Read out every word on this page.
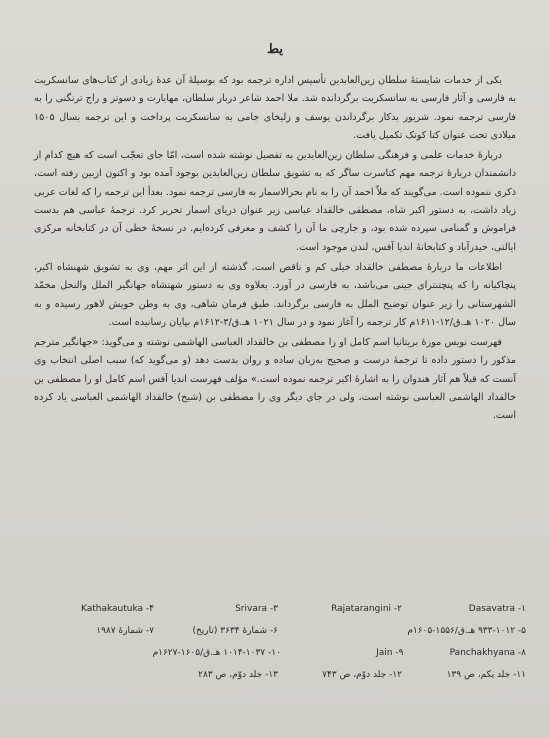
یط

یکی از خدمات شایستهٔ سلطان زین‌العابدین تأسیس اداره ترجمه بود که بوسیلهٔ آن عدهٔ زیادی از کتاب‌های سانسکریت به فارسی و آثار فارسی به سانسکریت برگردانده شد. ملا احمد شاعر دربار سلطان، مهابارت و دسوتر و راج ترنگنی را به فارسی ترجمه نمود. شریور بدکار برگرداندن یوسف و زلیخای جامی به سانسکریت پرداخت و این ترجمه بسال ۱۵۰۵ میلادی تحت عنوان کتا کوتک تکمیل یافت.

دربارهٔ خدمات علمی و فرهنگی سلطان زین‌العابدین به تفصیل نوشته شده است، امّا جای تعجّب است که هیچ کدام از دانشمندان دربارهٔ ترجمه مهم کتاسرت ساگر که به تشویق سلطان زین‌العابدین بوجود آمده بود و اکنون ازبین رفته است، ذکری ننموده است. می‌گویند که ملاّ احمد آن را به نام بحرالاسمار به فارسی ترجمه نمود. بعدأ این ترجمه را که لغات عربی زیاد داشت، به دستور اکبر شاه، مصطفی خالقداد عباسی زیر عنوان دریای اسمار تحریر کرد. ترجمهٔ عباسی هم بدست فراموش و گمنامی سپرده شده بود، و جارچی ما آن را کشف و معرفی کرده‌ایم. در نسخهٔ خطی آن در کتابخانه مرکزی ایالتی، حیدرآباد و کتابخانهٔ اندیا آفس، لندن موجود است.

اطلاعات ما دربارهٔ مصطفی خالقداد خیلی کم و ناقص است. گذشته از این اثر مهم، وی به تشویق شهنشاه اکبر، پنچاکیانه را که پنچتنترای جینی می‌باشد، به فارسی در آورد. بعلاوه وی به دستور شهنشاه جهانگیر الملل والنحل محمّد الشهرستانی را زیر عنوان توضیح الملل به فارسی برگرداند. طبق فرمان شاهی، وی به وطن خویش لاهور رسیده و به سال ۱۰۲۰ هـ.ق/۱۲-۱۶۱۱م کار ترجمه را آغاز نمود و در سال ۱۰۲۱ هـ.ق/۳-۱۶۱۲م بپایان رسانیده است.

فهرست نویس موزهٔ بریتانیا اسم کامل او را مصطفی بن خالقداد العباسی الهاشمی نوشته و می‌گوید: «جهانگیر مترجم مذکور را دستور داده تا ترجمهٔ درست و صحیح به‌زبان ساده و روان بدست دهد (و می‌گوید که) سبب اصلی انتخاب وی آنست که قبلاً هم آثار هندوان را به اشارهٔ اکبر ترجمه نموده است.» مؤلف فهرست اندیا آفس اسم کامل او را مصطفی بن خالقداد الهاشمی العباسی نوشته است، ولی در جای دیگر وی را مصطفی بن (شیخ) خالقداد الهاشمی العباسی یاد کرده است.

۱- Dasavatra
۲- Rajatarangini
۳- Srivara
۴- Kathakautuka
۵- ۹۳۳-۱۰۱۲ هـ.ق/۱۵۵۶-۱۶۰۵م
۶- شمارهٔ ۳۶۳۴ (تاریخ)
۷- شمارهٔ ۱۹۸۷
۸- Panchakhyana
۹- Jain
۱۰- ۱۰۱۴-۱۰۳۷ هـ.ق/۱۶۰۵-۱۶۲۷م
۱۱- جلد یکم، ص ۱۳۹
۱۲- جلد دوّم، ص ۷۴۳
۱۳- جلد دوّم، ص ۲۸۳
